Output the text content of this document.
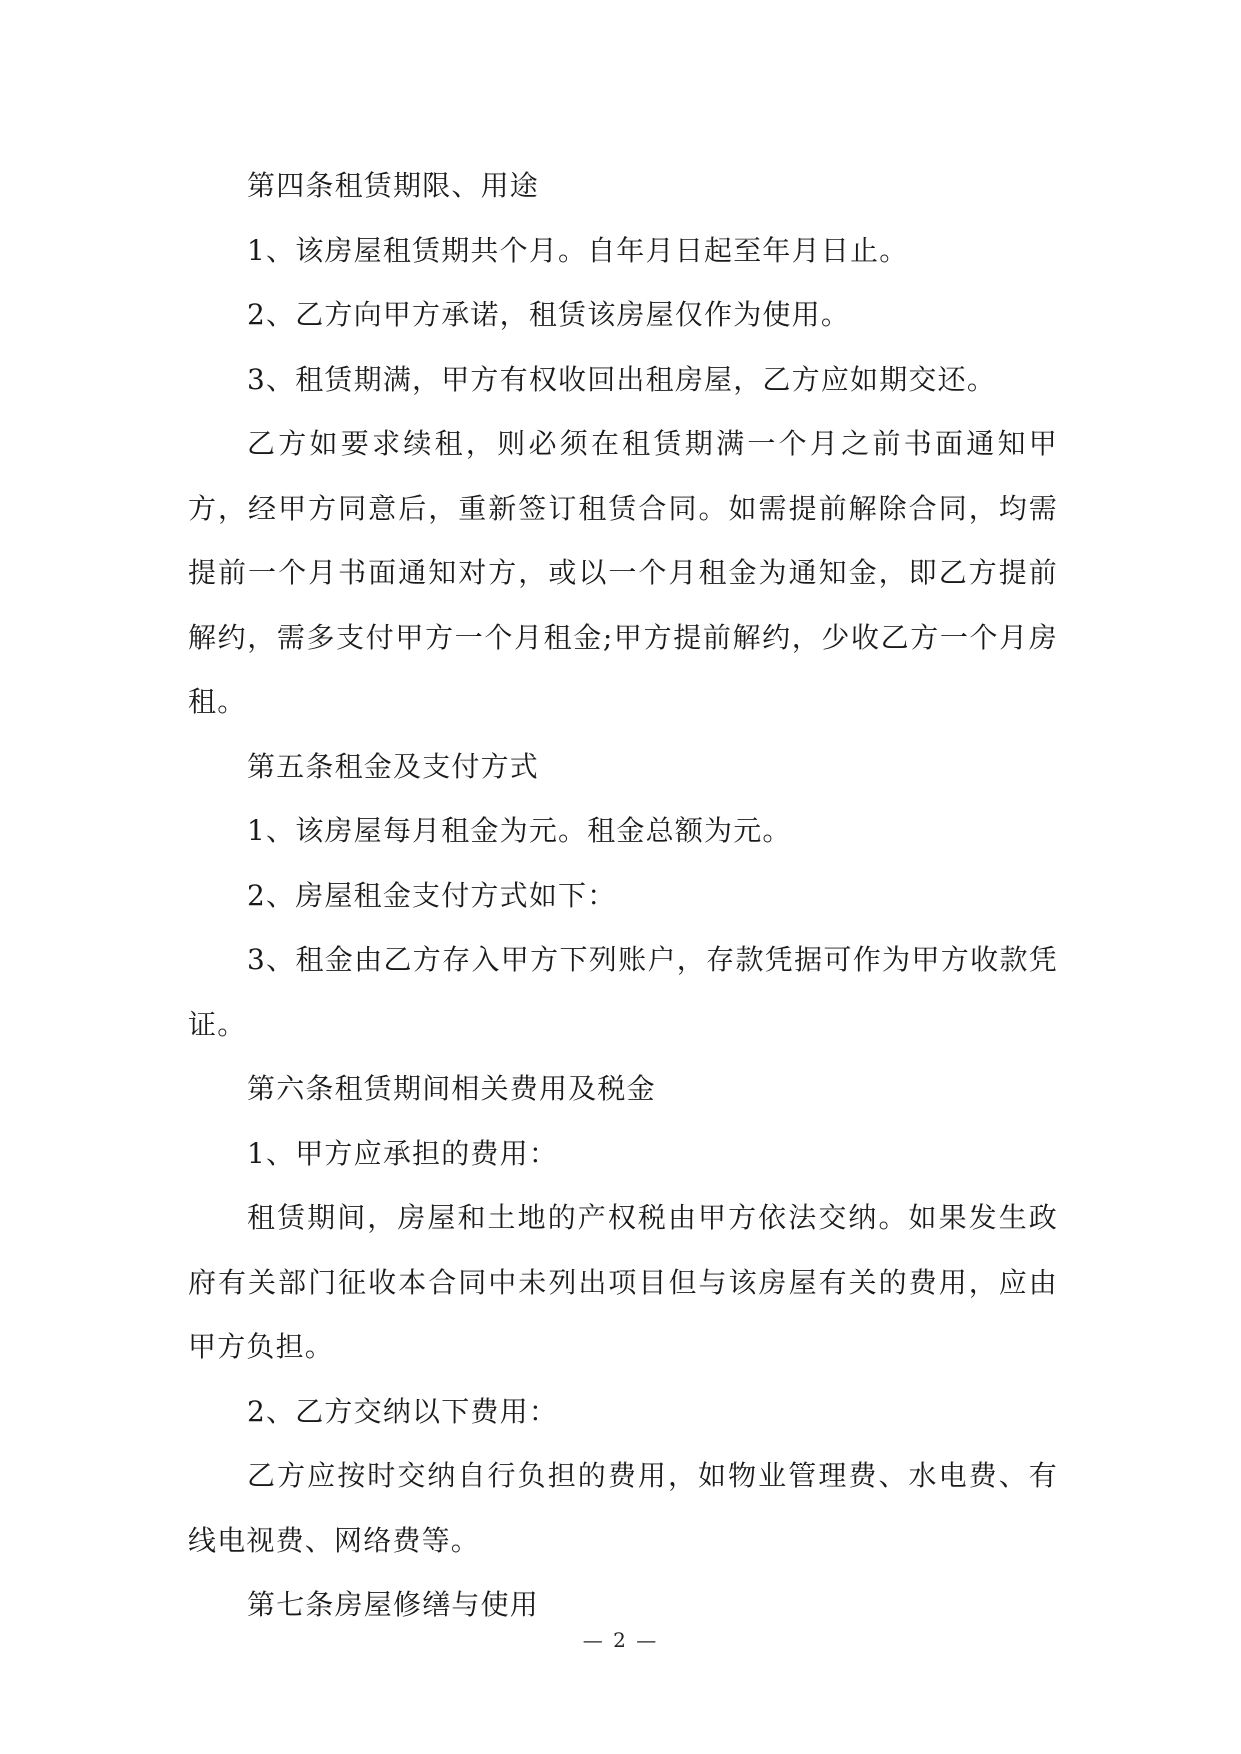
第四条租赁期限、用途

1、该房屋租赁期共个月。自年月日起至年月日止。

2、乙方向甲方承诺，租赁该房屋仅作为使用。

3、租赁期满，甲方有权收回出租房屋，乙方应如期交还。

乙方如要求续租，则必须在租赁期满一个月之前书面通知甲方，经甲方同意后，重新签订租赁合同。如需提前解除合同，均需提前一个月书面通知对方，或以一个月租金为通知金，即乙方提前解约，需多支付甲方一个月租金;甲方提前解约，少收乙方一个月房租。

第五条租金及支付方式

1、该房屋每月租金为元。租金总额为元。

2、房屋租金支付方式如下：

3、租金由乙方存入甲方下列账户，存款凭据可作为甲方收款凭证。

第六条租赁期间相关费用及税金

1、甲方应承担的费用：

租赁期间，房屋和土地的产权税由甲方依法交纳。如果发生政府有关部门征收本合同中未列出项目但与该房屋有关的费用，应由甲方负担。

2、乙方交纳以下费用：

乙方应按时交纳自行负担的费用，如物业管理费、水电费、有线电视费、网络费等。

第七条房屋修缮与使用

— 2 —
